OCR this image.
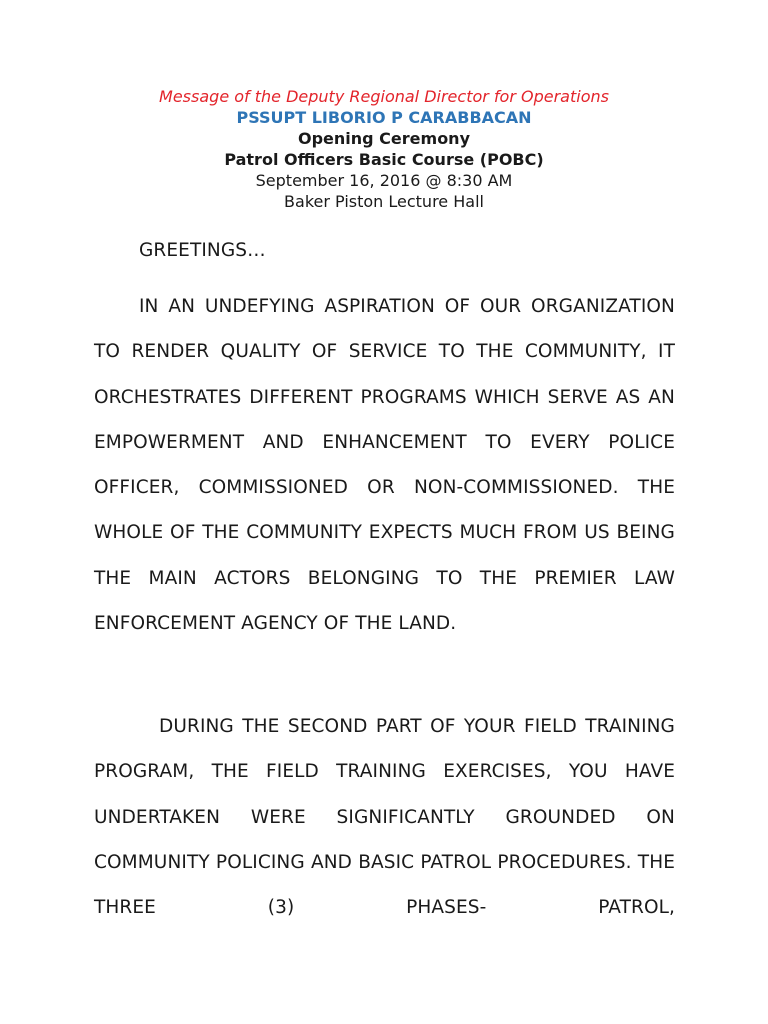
Message of the Deputy Regional Director for Operations
PSSUPT LIBORIO P CARABBACAN
Opening Ceremony
Patrol Officers Basic Course (POBC)
September 16, 2016 @ 8:30 AM
Baker Piston Lecture Hall
GREETINGS…
IN AN UNDEFYING ASPIRATION OF OUR ORGANIZATION TO RENDER QUALITY OF SERVICE TO THE COMMUNITY, IT ORCHESTRATES DIFFERENT PROGRAMS WHICH SERVE AS AN EMPOWERMENT AND ENHANCEMENT TO EVERY POLICE OFFICER, COMMISSIONED OR NON-COMMISSIONED. THE WHOLE OF THE COMMUNITY EXPECTS MUCH FROM US BEING THE MAIN ACTORS BELONGING TO THE PREMIER LAW ENFORCEMENT AGENCY OF THE LAND.
DURING THE SECOND PART OF YOUR FIELD TRAINING PROGRAM, THE FIELD TRAINING EXERCISES, YOU HAVE UNDERTAKEN WERE SIGNIFICANTLY GROUNDED ON COMMUNITY POLICING AND BASIC PATROL PROCEDURES. THE THREE (3) PHASES- PATROL,
